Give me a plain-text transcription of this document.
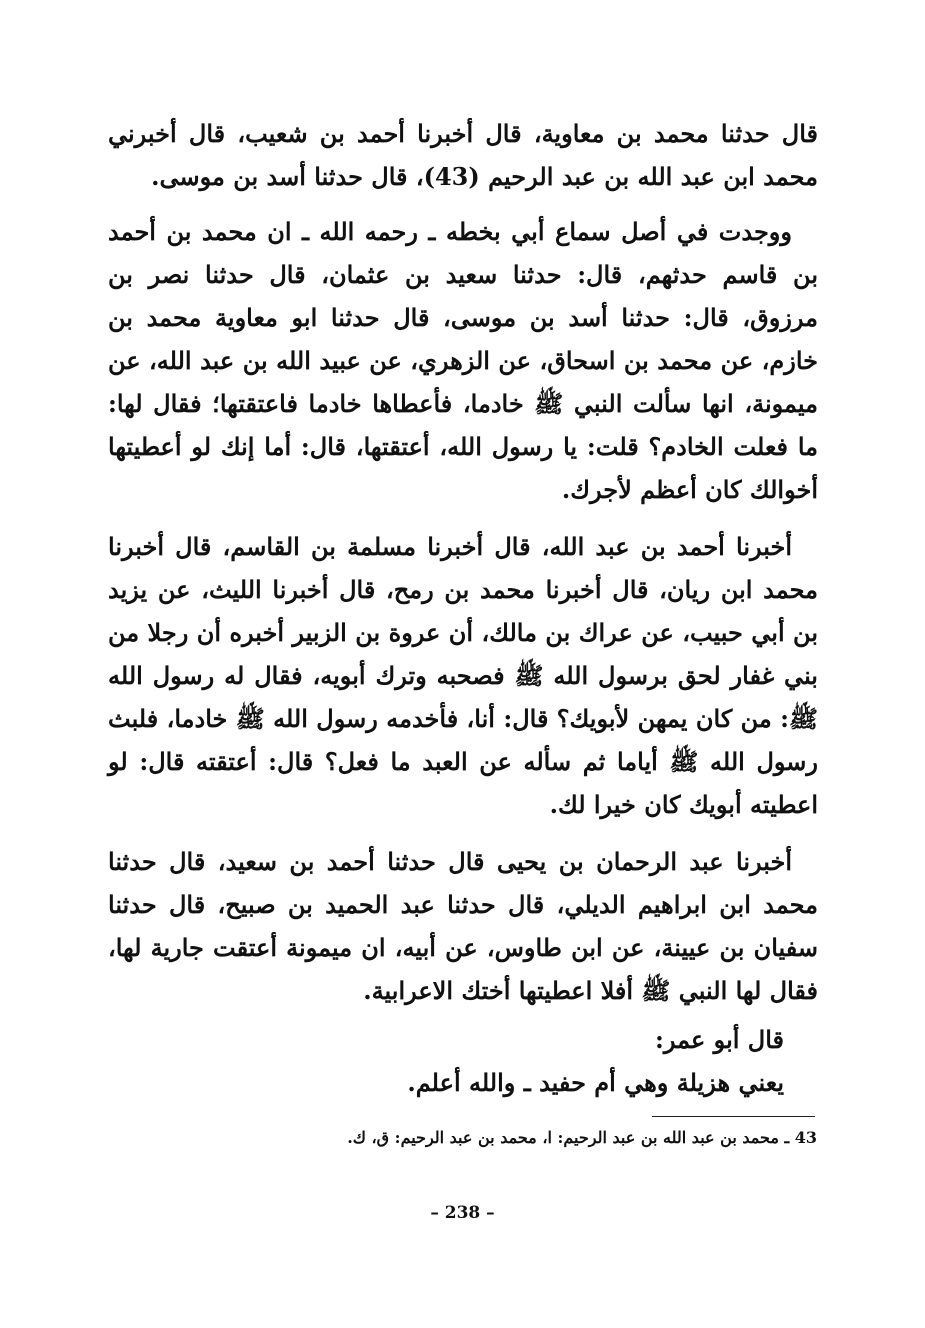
قال حدثنا محمد بن معاوية، قال أخبرنا أحمد بن شعيب، قال أخبرني محمد ابن عبد الله بن عبد الرحيم (43)، قال حدثنا أسد بن موسى.

ووجدت في أصل سماع أبي بخطه ـ رحمه الله ـ ان محمد بن أحمد بن قاسم حدثهم، قال: حدثنا سعيد بن عثمان، قال حدثنا نصر بن مرزوق، قال: حدثنا أسد بن موسى، قال حدثنا ابو معاوية محمد بن خازم، عن محمد بن اسحاق، عن الزهري، عن عبيد الله بن عبد الله، عن ميمونة، انها سألت النبي ﷺ خادما، فأعطاها خادما فاعتقتها؛ فقال لها: ما فعلت الخادم؟ قلت: يا رسول الله، أعتقتها، قال: أما إنك لو أعطيتها أخوالك كان أعظم لأجرك.

أخبرنا أحمد بن عبد الله، قال أخبرنا مسلمة بن القاسم، قال أخبرنا محمد ابن ريان، قال أخبرنا محمد بن رمح، قال أخبرنا الليث، عن يزيد بن أبي حبيب، عن عراك بن مالك، أن عروة بن الزبير أخبره أن رجلا من بني غفار لحق برسول الله ﷺ فصحبه وترك أبويه، فقال له رسول الله ﷺ: من كان يمهن لأبويك؟ قال: أنا، فأخدمه رسول الله ﷺ خادما، فلبث رسول الله ﷺ أياما ثم سأله عن العبد ما فعل؟ قال: أعتقته قال: لو اعطيته أبويك كان خيرا لك.

أخبرنا عبد الرحمان بن يحيى قال حدثنا أحمد بن سعيد، قال حدثنا محمد ابن ابراهيم الديلي، قال حدثنا عبد الحميد بن صبيح، قال حدثنا سفيان بن عيينة، عن ابن طاوس، عن أبيه، ان ميمونة أعتقت جارية لها، فقال لها النبي ﷺ أفلا اعطيتها أختك الاعرابية.

قال أبو عمر:

يعني هزيلة وهي أم حفيد ـ والله أعلم.

43 ـ محمد بن عبد الله بن عبد الرحيم: ا، محمد بن عبد الرحيم: ق، ك.
– 238 –
